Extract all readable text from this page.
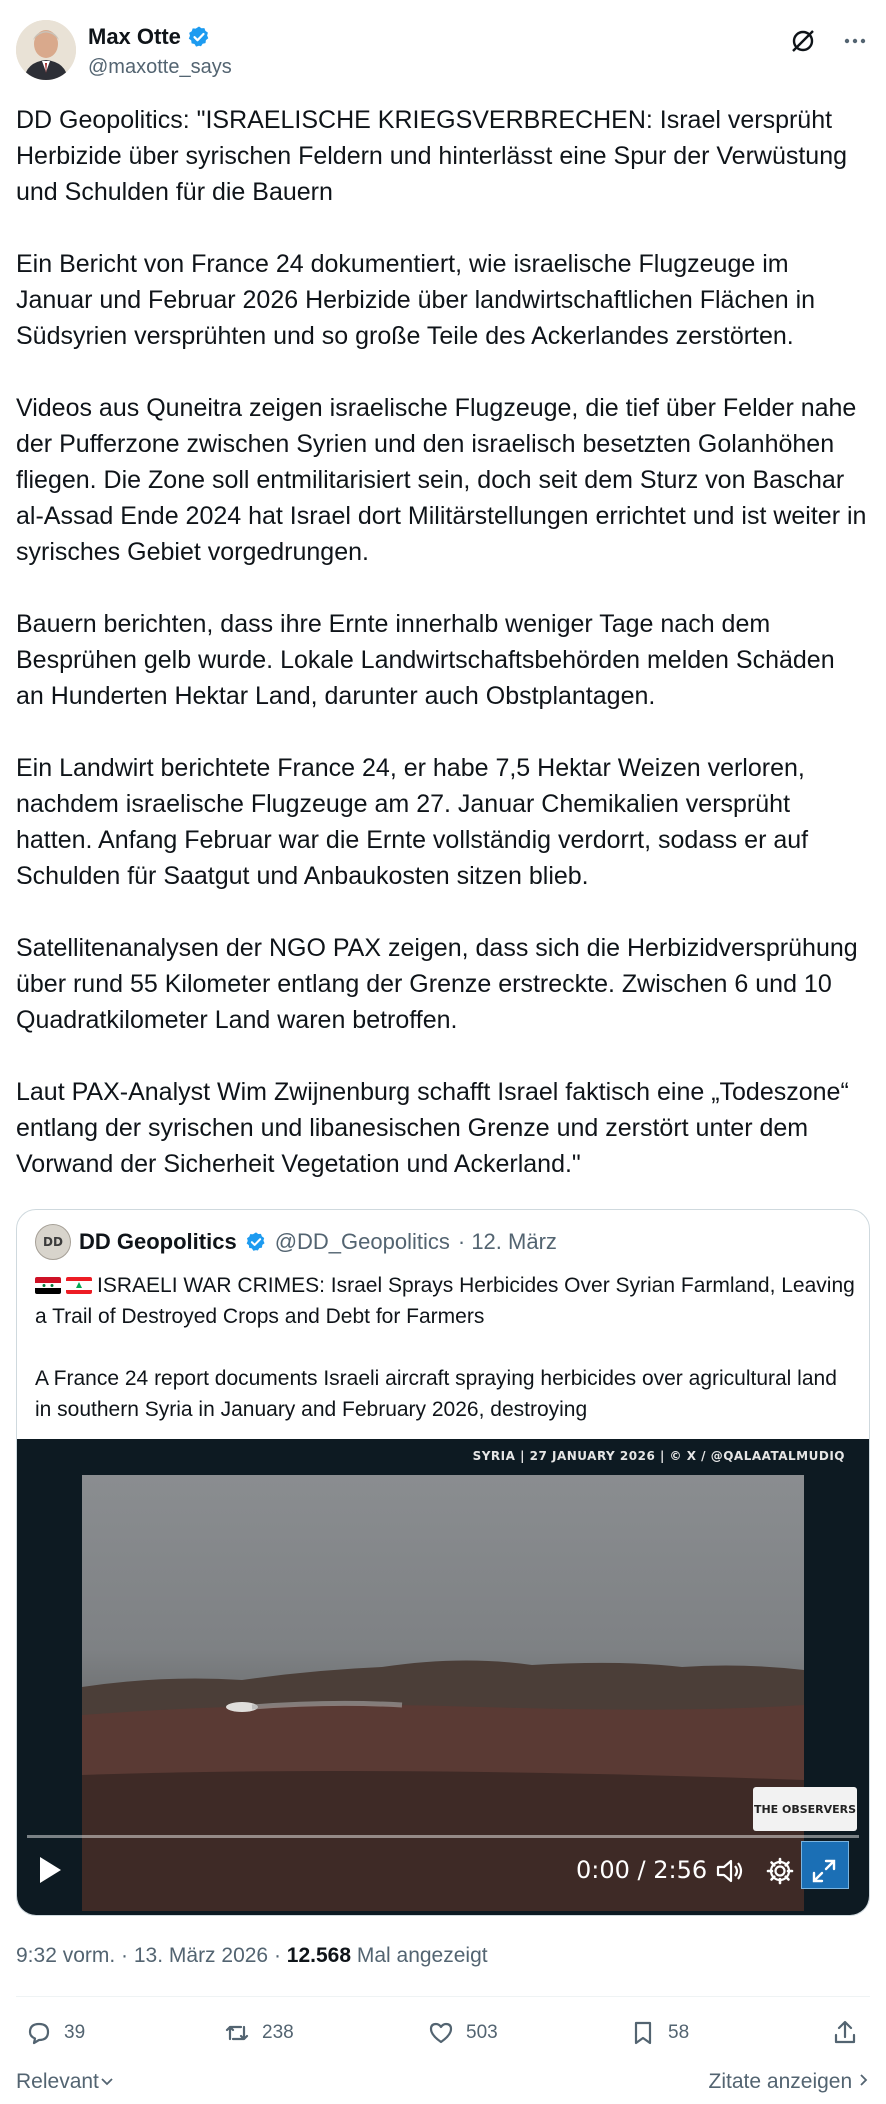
Max Otte
@maxotte_says

DD Geopolitics: "ISRAELISCHE KRIEGSVERBRECHEN: Israel versprüht Herbizide über syrischen Feldern und hinterlässt eine Spur der Verwüstung und Schulden für die Bauern

Ein Bericht von France 24 dokumentiert, wie israelische Flugzeuge im Januar und Februar 2026 Herbizide über landwirtschaftlichen Flächen in Südsyrien versprühten und so große Teile des Ackerlandes zerstörten.

Videos aus Quneitra zeigen israelische Flugzeuge, die tief über Felder nahe der Pufferzone zwischen Syrien und den israelisch besetzten Golanhöhen fliegen. Die Zone soll entmilitarisiert sein, doch seit dem Sturz von Baschar al-Assad Ende 2024 hat Israel dort Militärstellungen errichtet und ist weiter in syrisches Gebiet vorgedrungen.

Bauern berichten, dass ihre Ernte innerhalb weniger Tage nach dem Besprühen gelb wurde. Lokale Landwirtschaftsbehörden melden Schäden an Hunderten Hektar Land, darunter auch Obstplantagen.

Ein Landwirt berichtete France 24, er habe 7,5 Hektar Weizen verloren, nachdem israelische Flugzeuge am 27. Januar Chemikalien versprüht hatten. Anfang Februar war die Ernte vollständig verdorrt, sodass er auf Schulden für Saatgut und Anbaukosten sitzen blieb.

Satellitenanalysen der NGO PAX zeigen, dass sich die Herbizidversprühung über rund 55 Kilometer entlang der Grenze erstreckte. Zwischen 6 und 10 Quadratkilometer Land waren betroffen.

Laut PAX-Analyst Wim Zwijnenburg schafft Israel faktisch eine „Todeszone“ entlang der syrischen und libanesischen Grenze und zerstört unter dem Vorwand der Sicherheit Vegetation und Ackerland."

DD DD Geopolitics @DD_Geopolitics · 12. März
ISRAELI WAR CRIMES: Israel Sprays Herbicides Over Syrian Farmland, Leaving a Trail of Destroyed Crops and Debt for Farmers
A France 24 report documents Israeli aircraft spraying herbicides over agricultural land in southern Syria in January and February 2026, destroying
SYRIA | 27 JANUARY 2026 | © X / @QALAATALMUDIQ
THE OBSERVERS
0:00 / 2:56
9:32 vorm. · 13. März 2026 · 12.568 Mal angezeigt
39	238	503	58
Relevant	Zitate anzeigen
